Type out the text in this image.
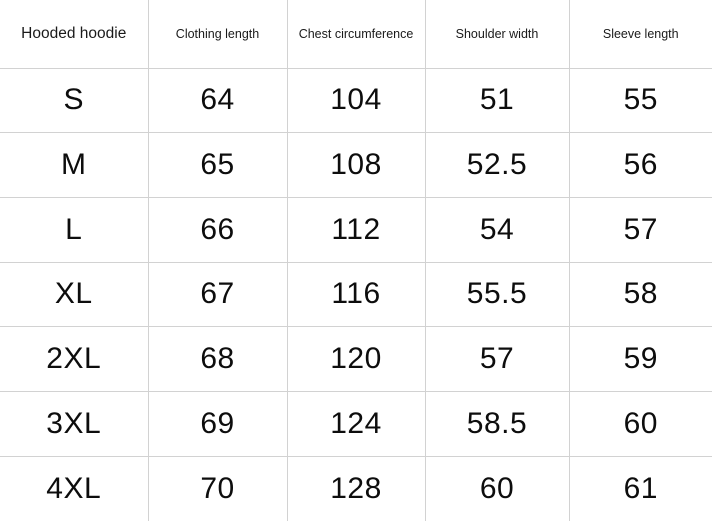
Hooded hoodie	Clothing length	Chest circumference	Shoulder width	Sleeve length

S	64	104	51	55
M	65	108	52.5	56
L	66	112	54	57
XL	67	116	55.5	58
2XL	68	120	57	59
3XL	69	124	58.5	60
4XL	70	128	60	61
